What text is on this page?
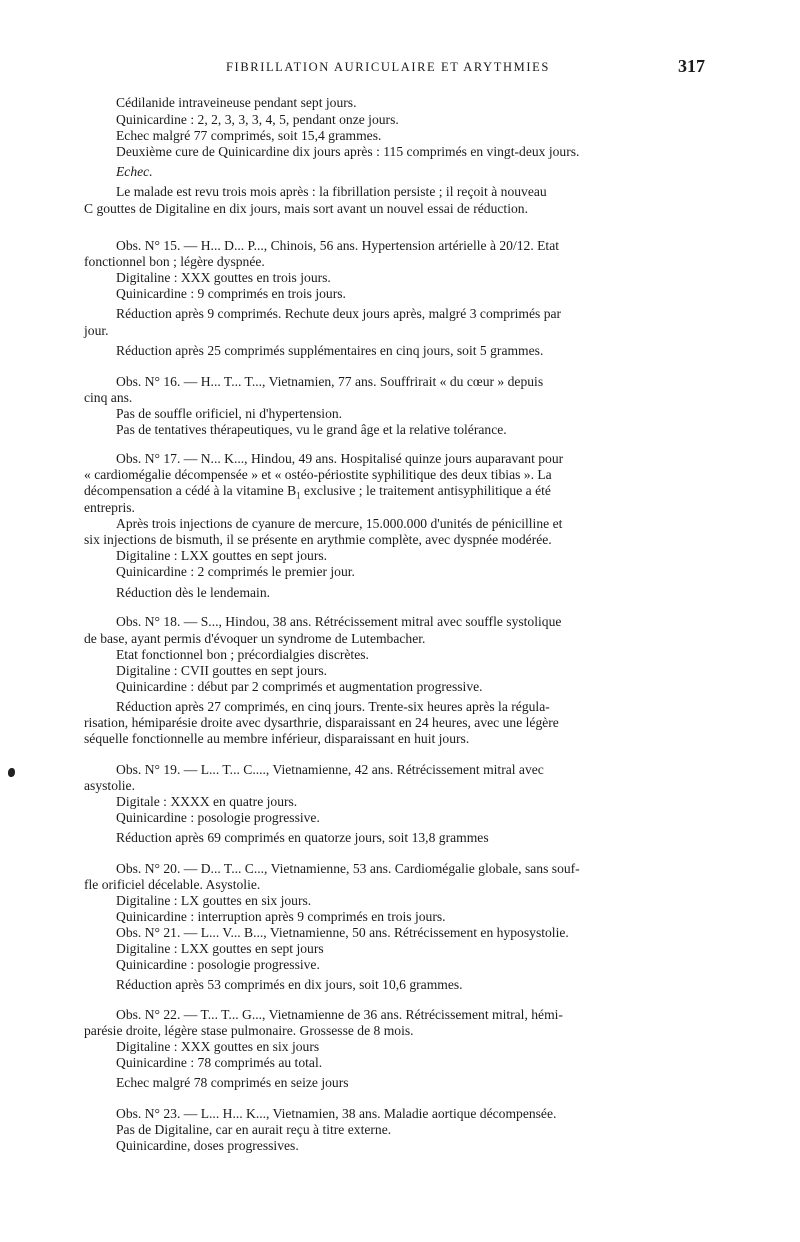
FIBRILLATION AURICULAIRE ET ARYTHMIES	317
Cédilanide intraveineuse pendant sept jours.
Quinicardine : 2, 2, 3, 3, 3, 4, 5, pendant onze jours.
Echec malgré 77 comprimés, soit 15,4 grammes.
Deuxième cure de Quinicardine dix jours après : 115 comprimés en vingt-deux jours.
Echec.
Le malade est revu trois mois après : la fibrillation persiste ; il reçoit à nouveau
C gouttes de Digitaline en dix jours, mais sort avant un nouvel essai de réduction.
Obs. N° 15. — H... D... P..., Chinois, 56 ans. Hypertension artérielle à 20/12. Etat
fonctionnel bon ; légère dyspnée.
Digitaline : XXX gouttes en trois jours.
Quinicardine : 9 comprimés en trois jours.
Réduction après 9 comprimés. Rechute deux jours après, malgré 3 comprimés par
jour.
Réduction après 25 comprimés supplémentaires en cinq jours, soit 5 grammes.
Obs. N° 16. — H... T... T..., Vietnamien, 77 ans. Souffrirait « du cœur » depuis
cinq ans.
Pas de souffle orificiel, ni d'hypertension.
Pas de tentatives thérapeutiques, vu le grand âge et la relative tolérance.
Obs. N° 17. — N... K..., Hindou, 49 ans. Hospitalisé quinze jours auparavant pour
« cardiomégalie décompensée » et « ostéo-périostite syphilitique des deux tibias ». La
décompensation a cédé à la vitamine $B_1$ exclusive ; le traitement antisyphilitique a été
entrepris.
Après trois injections de cyanure de mercure, 15.000.000 d'unités de pénicilline et
six injections de bismuth, il se présente en arythmie complète, avec dyspnée modérée.
Digitaline : LXX gouttes en sept jours.
Quinicardine : 2 comprimés le premier jour.
Réduction dès le lendemain.
Obs. N° 18. — S..., Hindou, 38 ans. Rétrécissement mitral avec souffle systolique
de base, ayant permis d'évoquer un syndrome de Lutembacher.
Etat fonctionnel bon ; précordialgies discrètes.
Digitaline : CVII gouttes en sept jours.
Quinicardine : début par 2 comprimés et augmentation progressive.
Réduction après 27 comprimés, en cinq jours. Trente-six heures après la régula-
risation, hémiparésie droite avec dysarthrie, disparaissant en 24 heures, avec une légère
séquelle fonctionnelle au membre inférieur, disparaissant en huit jours.
Obs. N° 19. — L... T... C...., Vietnamienne, 42 ans. Rétrécissement mitral avec
asystolie.
Digitale : XXXX en quatre jours.
Quinicardine : posologie progressive.
Réduction après 69 comprimés en quatorze jours, soit 13,8 grammes
Obs. N° 20. — D... T... C..., Vietnamienne, 53 ans. Cardiomégalie globale, sans souf-
fle orificiel décelable. Asystolie.
Digitaline : LX gouttes en six jours.
Quinicardine : interruption après 9 comprimés en trois jours.
Obs. N° 21. — L... V... B..., Vietnamienne, 50 ans. Rétrécissement en hyposystolie.
Digitaline : LXX gouttes en sept jours
Quinicardine : posologie progressive.
Réduction après 53 comprimés en dix jours, soit 10,6 grammes.
Obs. N° 22. — T... T... G..., Vietnamienne de 36 ans. Rétrécissement mitral, hémi-
parésie droite, légère stase pulmonaire. Grossesse de 8 mois.
Digitaline : XXX gouttes en six jours
Quinicardine : 78 comprimés au total.
Echec malgré 78 comprimés en seize jours
Obs. N° 23. — L... H... K..., Vietnamien, 38 ans. Maladie aortique décompensée.
Pas de Digitaline, car en aurait reçu à titre externe.
Quinicardine, doses progressives.
